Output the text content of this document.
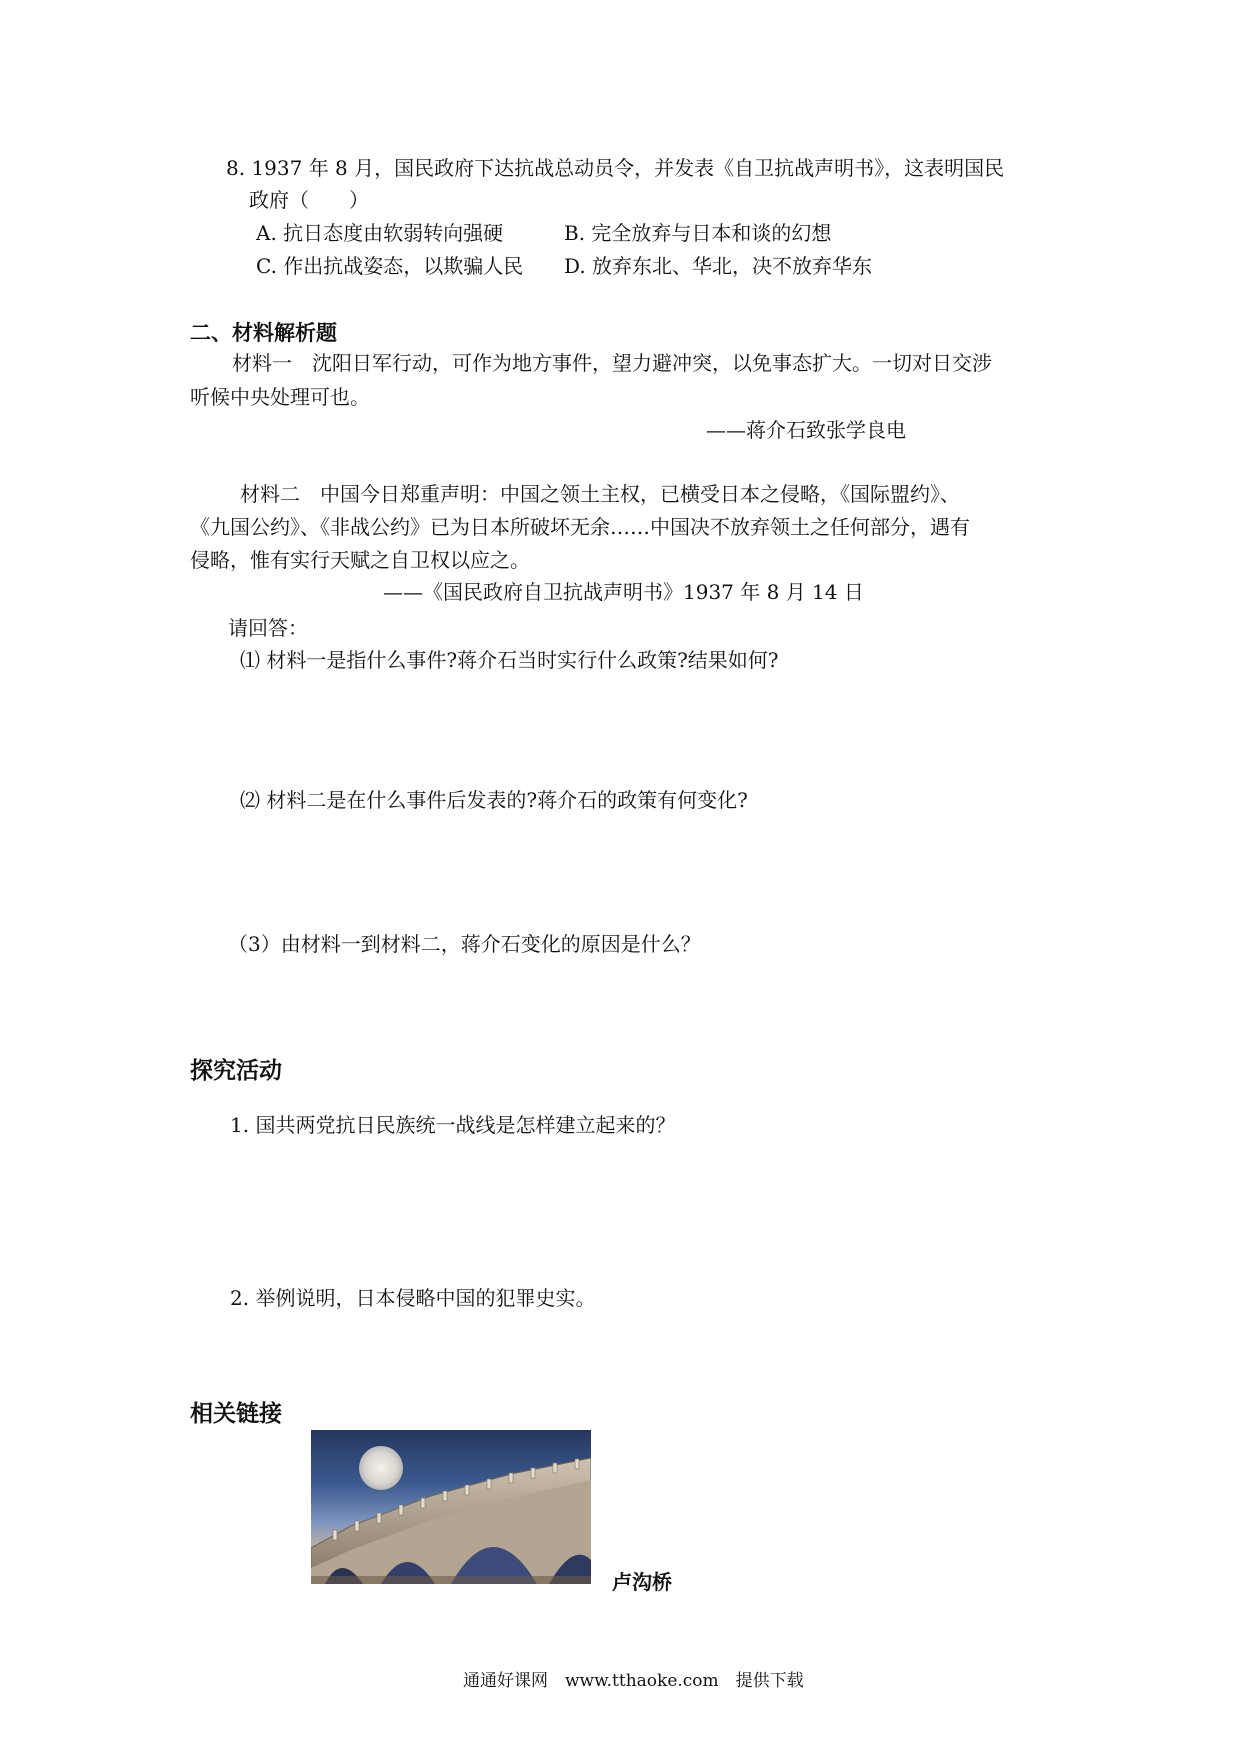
8. 1937 年 8 月，国民政府下达抗战总动员令，并发表《自卫抗战声明书》，这表明国民
政府（　　）
A. 抗日态度由软弱转向强硬	B. 完全放弃与日本和谈的幻想
C. 作出抗战姿态，以欺骗人民 D. 放弃东北、华北，决不放弃华东
二、材料解析题
材料一　沈阳日军行动，可作为地方事件，望力避冲突，以免事态扩大。一切对日交涉
听候中央处理可也。
——蒋介石致张学良电
材料二　中国今日郑重声明：中国之领土主权，已横受日本之侵略，《国际盟约》、
《九国公约》、《非战公约》已为日本所破坏无余……中国决不放弃领土之任何部分，遇有
侵略，惟有实行天赋之自卫权以应之。
——《国民政府自卫抗战声明书》1937 年 8 月 14 日
请回答：
⑴ 材料一是指什么事件?蒋介石当时实行什么政策?结果如何?
⑵ 材料二是在什么事件后发表的?蒋介石的政策有何变化?
（3）由材料一到材料二，蒋介石变化的原因是什么？
探究活动
1. 国共两党抗日民族统一战线是怎样建立起来的？
2. 举例说明，日本侵略中国的犯罪史实。
相关链接
卢沟桥
通通好课网　www.tthaoke.com　提供下载
